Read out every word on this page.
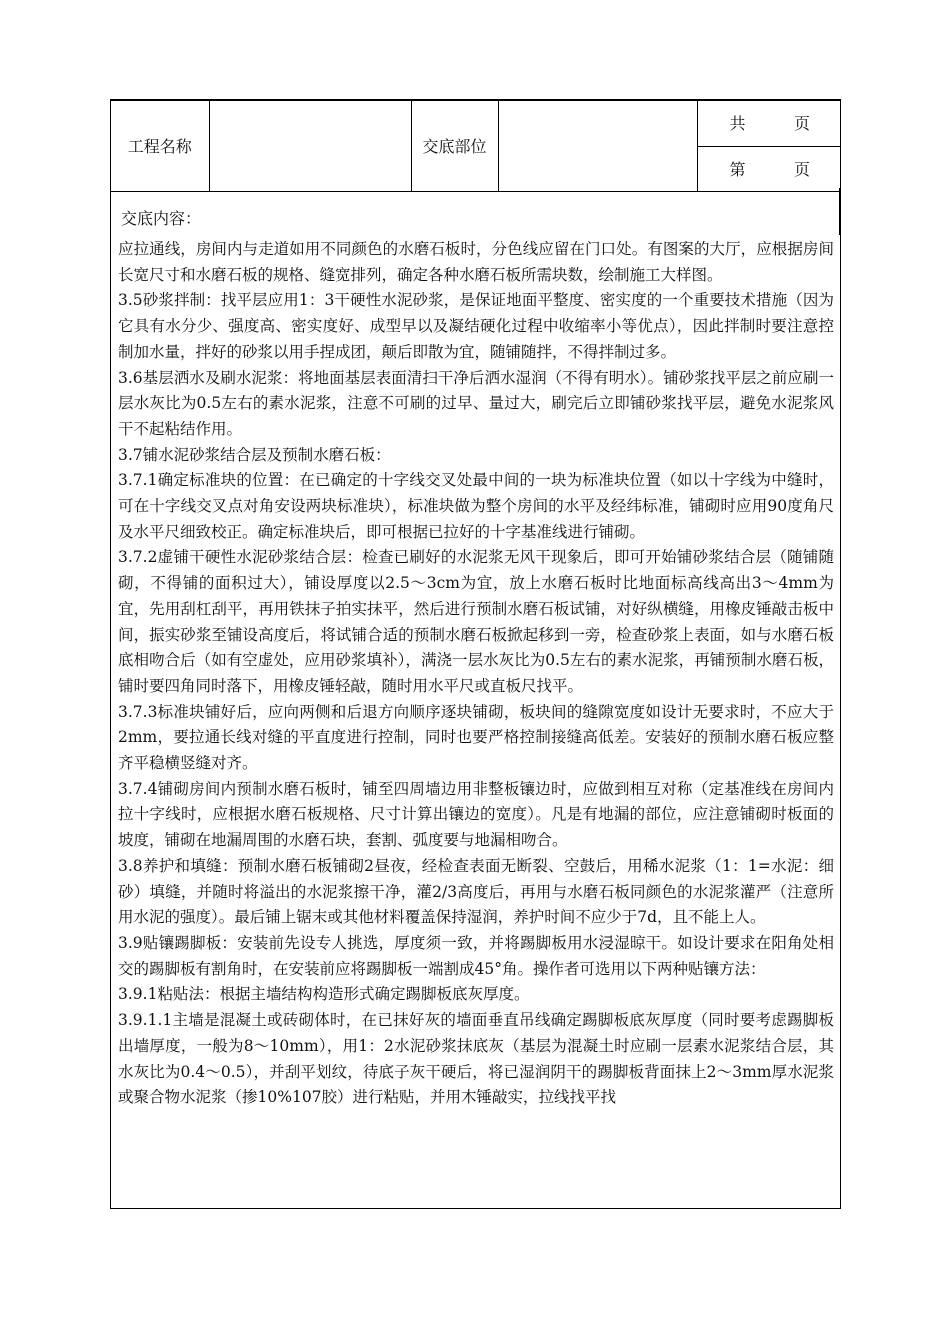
工程名称		交底部位		
共	页

第	页
交底内容：

应拉通线，房间内与走道如用不同颜色的水磨石板时，分色线应留在门口处。有图案的大厅，应根据房间长宽尺寸和水磨石板的规格、缝宽排列，确定各种水磨石板所需块数，绘制施工大样图。

3.5砂浆拌制：找平层应用1：3干硬性水泥砂浆，是保证地面平整度、密实度的一个重要技术措施（因为它具有水分少、强度高、密实度好、成型早以及凝结硬化过程中收缩率小等优点），因此拌制时要注意控制加水量，拌好的砂浆以用手捏成团，颠后即散为宜，随铺随拌，不得拌制过多。

3.6基层洒水及刷水泥浆：将地面基层表面清扫干净后洒水湿润（不得有明水）。铺砂浆找平层之前应刷一层水灰比为0.5左右的素水泥浆，注意不可刷的过早、量过大，刷完后立即铺砂浆找平层，避免水泥浆风干不起粘结作用。

3.7铺水泥砂浆结合层及预制水磨石板：

3.7.1确定标准块的位置：在已确定的十字线交叉处最中间的一块为标准块位置（如以十字线为中缝时，可在十字线交叉点对角安设两块标准块），标准块做为整个房间的水平及经纬标准，铺砌时应用90度角尺及水平尺细致校正。确定标准块后，即可根据已拉好的十字基准线进行铺砌。

3.7.2虚铺干硬性水泥砂浆结合层：检查已刷好的水泥浆无风干现象后，即可开始铺砂浆结合层（随铺随砌，不得铺的面积过大），铺设厚度以2.5～3cm为宜，放上水磨石板时比地面标高线高出3～4mm为宜，先用刮杠刮平，再用铁抹子拍实抹平，然后进行预制水磨石板试铺，对好纵横缝，用橡皮锤敲击板中间，振实砂浆至铺设高度后，将试铺合适的预制水磨石板掀起移到一旁，检查砂浆上表面，如与水磨石板底相吻合后（如有空虚处，应用砂浆填补），满浇一层水灰比为0.5左右的素水泥浆，再铺预制水磨石板，铺时要四角同时落下，用橡皮锤轻敲，随时用水平尺或直板尺找平。

3.7.3标准块铺好后，应向两侧和后退方向顺序逐块铺砌，板块间的缝隙宽度如设计无要求时，不应大于2mm，要拉通长线对缝的平直度进行控制，同时也要严格控制接缝高低差。安装好的预制水磨石板应整齐平稳横竖缝对齐。

3.7.4铺砌房间内预制水磨石板时，铺至四周墙边用非整板镶边时，应做到相互对称（定基准线在房间内拉十字线时，应根据水磨石板规格、尺寸计算出镶边的宽度）。凡是有地漏的部位，应注意铺砌时板面的坡度，铺砌在地漏周围的水磨石块，套割、弧度要与地漏相吻合。

3.8养护和填缝：预制水磨石板铺砌2昼夜，经检查表面无断裂、空鼓后，用稀水泥浆（1：1=水泥：细砂）填缝，并随时将溢出的水泥浆擦干净，灌2/3高度后，再用与水磨石板同颜色的水泥浆灌严（注意所用水泥的强度）。最后铺上锯末或其他材料覆盖保持湿润，养护时间不应少于7d，且不能上人。

3.9贴镶踢脚板：安装前先设专人挑选，厚度须一致，并将踢脚板用水浸湿晾干。如设计要求在阳角处相交的踢脚板有割角时，在安装前应将踢脚板一端割成45°角。操作者可选用以下两种贴镶方法：

3.9.1粘贴法：根据主墙结构构造形式确定踢脚板底灰厚度。

3.9.1.1主墙是混凝土或砖砌体时，在已抹好灰的墙面垂直吊线确定踢脚板底灰厚度（同时要考虑踢脚板出墙厚度，一般为8～10mm），用1：2水泥砂浆抹底灰（基层为混凝土时应刷一层素水泥浆结合层，其水灰比为0.4～0.5），并刮平划纹，待底子灰干硬后，将已湿润阴干的踢脚板背面抹上2～3mm厚水泥浆或聚合物水泥浆（掺10%107胶）进行粘贴，并用木锤敲实，拉线找平找
